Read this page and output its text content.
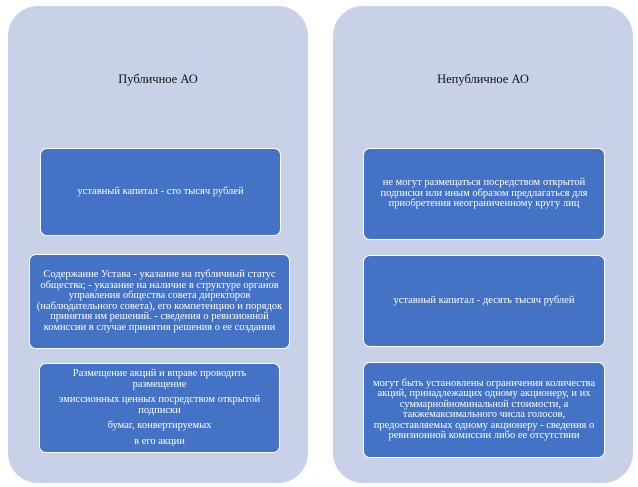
Публичное АО	Непубличное АО

уставный капитал - сто тысяч рублей

Содержание Устава - указание на публичный статус общества; - указание на наличие в структуре органов управления общества совета директоров (наблюдательного совета), его компетенцию и порядок принятия им решений. - сведения о ревизионной комиссии в случае принятия решения о ее создании

Размещение акций и вправе проводить размещение

эмиссионных ценных посредством открытой подписки

бумаг, конвертируемых

в его акции

не могут размещаться посредством открытой подписки или иным образом предлагаться для приобретения неограниченному кругу лиц

уставный капитал - десять тысяч рублей

могут быть установлены ограничения количества акций, принадлежащих одному акционеру, и их суммарнойноминальной стоимости, а такжемаксимального числа голосов, предоставляемых одному акционеру - сведения о ревизионной комиссии либо ее отсутствии
